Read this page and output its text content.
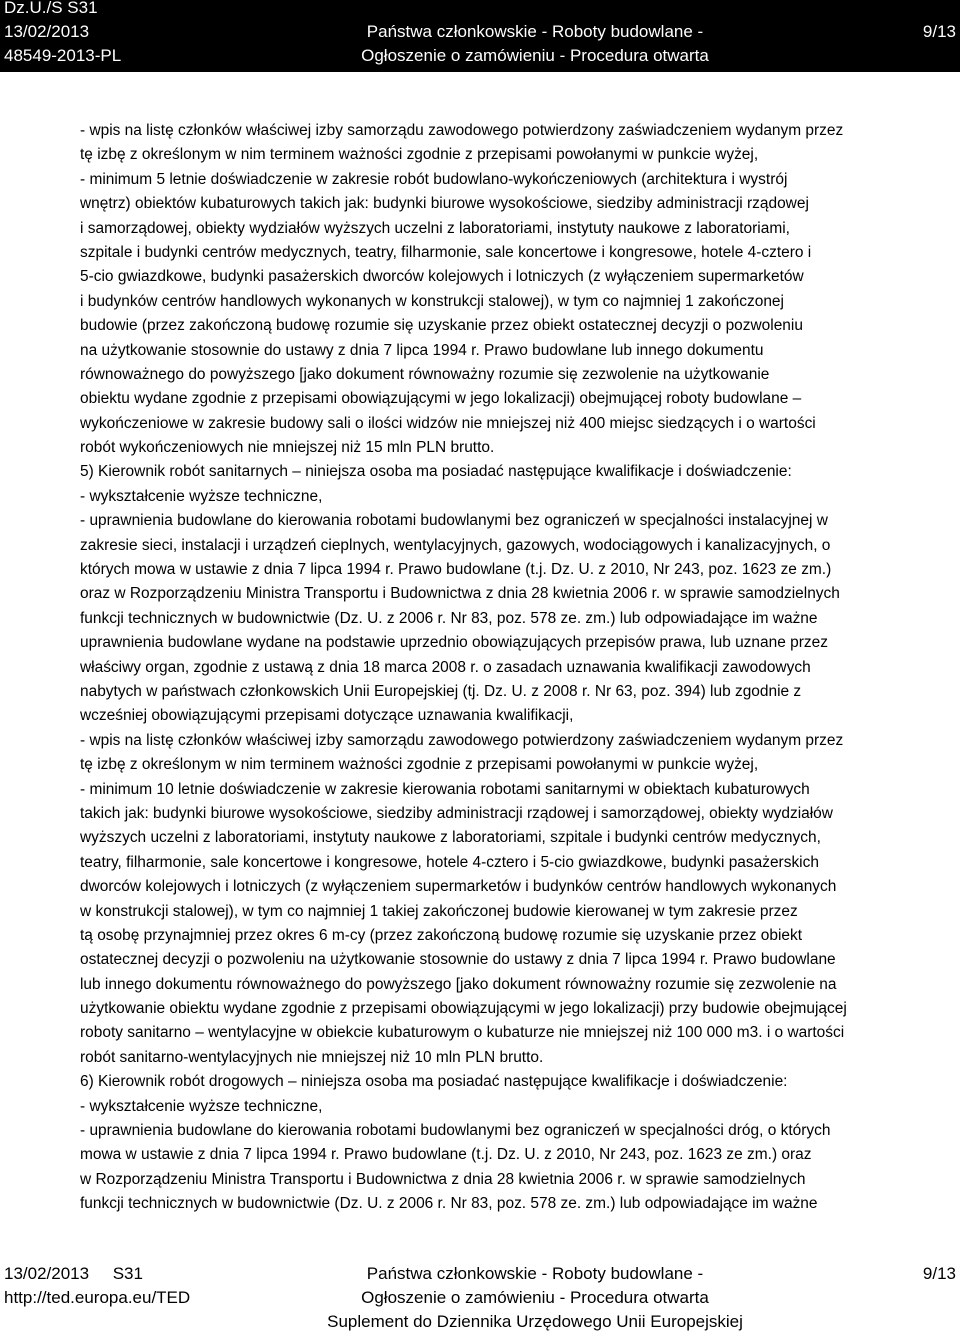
Dz.U./S S31
13/02/2013
48549-2013-PL
Państwa członkowskie - Roboty budowlane -
Ogłoszenie o zamówieniu - Procedura otwarta
9/13
- wpis na listę członków właściwej izby samorządu zawodowego potwierdzony zaświadczeniem wydanym przez
tę izbę z określonym w nim terminem ważności zgodnie z przepisami powołanymi w punkcie wyżej,
- minimum 5 letnie doświadczenie w zakresie robót budowlano-wykończeniowych (architektura i wystrój
wnętrz) obiektów kubaturowych takich jak: budynki biurowe wysokościowe, siedziby administracji rządowej
i samorządowej, obiekty wydziałów wyższych uczelni z laboratoriami, instytuty naukowe z laboratoriami,
szpitale i budynki centrów medycznych, teatry, filharmonie, sale koncertowe i kongresowe, hotele 4-cztero i
5-cio gwiazdkowe, budynki pasażerskich dworców kolejowych i lotniczych (z wyłączeniem supermarketów
i budynków centrów handlowych wykonanych w konstrukcji stalowej), w tym co najmniej 1 zakończonej
budowie (przez zakończoną budowę rozumie się uzyskanie przez obiekt ostatecznej decyzji o pozwoleniu
na użytkowanie stosownie do ustawy z dnia 7 lipca 1994 r. Prawo budowlane lub innego dokumentu
równoważnego do powyższego [jako dokument równoważny rozumie się zezwolenie na użytkowanie
obiektu wydane zgodnie z przepisami obowiązującymi w jego lokalizacji) obejmującej roboty budowlane –
wykończeniowe w zakresie budowy sali o ilości widzów nie mniejszej niż 400 miejsc siedzących i o wartości
robót wykończeniowych nie mniejszej niż 15 mln PLN brutto.
5) Kierownik robót sanitarnych – niniejsza osoba ma posiadać następujące kwalifikacje i doświadczenie:
- wykształcenie wyższe techniczne,
- uprawnienia budowlane do kierowania robotami budowlanymi bez ograniczeń w specjalności instalacyjnej w
zakresie sieci, instalacji i urządzeń cieplnych, wentylacyjnych, gazowych, wodociągowych i kanalizacyjnych, o
których mowa w ustawie z dnia 7 lipca 1994 r. Prawo budowlane (t.j. Dz. U. z 2010, Nr 243, poz. 1623 ze zm.)
oraz w Rozporządzeniu Ministra Transportu i Budownictwa z dnia 28 kwietnia 2006 r. w sprawie samodzielnych
funkcji technicznych w budownictwie (Dz. U. z 2006 r. Nr 83, poz. 578 ze. zm.) lub odpowiadające im ważne
uprawnienia budowlane wydane na podstawie uprzednio obowiązujących przepisów prawa, lub uznane przez
właściwy organ, zgodnie z ustawą z dnia 18 marca 2008 r. o zasadach uznawania kwalifikacji zawodowych
nabytych w państwach członkowskich Unii Europejskiej (tj. Dz. U. z 2008 r. Nr 63, poz. 394) lub zgodnie z
wcześniej obowiązującymi przepisami dotyczące uznawania kwalifikacji,
- wpis na listę członków właściwej izby samorządu zawodowego potwierdzony zaświadczeniem wydanym przez
tę izbę z określonym w nim terminem ważności zgodnie z przepisami powołanymi w punkcie wyżej,
- minimum 10 letnie doświadczenie w zakresie kierowania robotami sanitarnymi w obiektach kubaturowych
takich jak: budynki biurowe wysokościowe, siedziby administracji rządowej i samorządowej, obiekty wydziałów
wyższych uczelni z laboratoriami, instytuty naukowe z laboratoriami, szpitale i budynki centrów medycznych,
teatry, filharmonie, sale koncertowe i kongresowe, hotele 4-cztero i 5-cio gwiazdkowe, budynki pasażerskich
dworców kolejowych i lotniczych (z wyłączeniem supermarketów i budynków centrów handlowych wykonanych
w konstrukcji stalowej), w tym co najmniej 1 takiej zakończonej budowie kierowanej w tym zakresie przez
tą osobę przynajmniej przez okres 6 m-cy (przez zakończoną budowę rozumie się uzyskanie przez obiekt
ostatecznej decyzji o pozwoleniu na użytkowanie stosownie do ustawy z dnia 7 lipca 1994 r. Prawo budowlane
lub innego dokumentu równoważnego do powyższego [jako dokument równoważny rozumie się zezwolenie na
użytkowanie obiektu wydane zgodnie z przepisami obowiązującymi w jego lokalizacji) przy budowie obejmującej
roboty sanitarno – wentylacyjne w obiekcie kubaturowym o kubaturze nie mniejszej niż 100 000 m3. i o wartości
robót sanitarno-wentylacyjnych nie mniejszej niż 10 mln PLN brutto.
6) Kierownik robót drogowych – niniejsza osoba ma posiadać następujące kwalifikacje i doświadczenie:
- wykształcenie wyższe techniczne,
- uprawnienia budowlane do kierowania robotami budowlanymi bez ograniczeń w specjalności dróg, o których
mowa w ustawie z dnia 7 lipca 1994 r. Prawo budowlane (t.j. Dz. U. z 2010, Nr 243, poz. 1623 ze zm.) oraz
w Rozporządzeniu Ministra Transportu i Budownictwa z dnia 28 kwietnia 2006 r. w sprawie samodzielnych
funkcji technicznych w budownictwie (Dz. U. z 2006 r. Nr 83, poz. 578 ze. zm.) lub odpowiadające im ważne
13/02/2013     S31
http://ted.europa.eu/TED
Państwa członkowskie - Roboty budowlane -
Ogłoszenie o zamówieniu - Procedura otwarta
Suplement do Dziennika Urzędowego Unii Europejskiej
9/13
